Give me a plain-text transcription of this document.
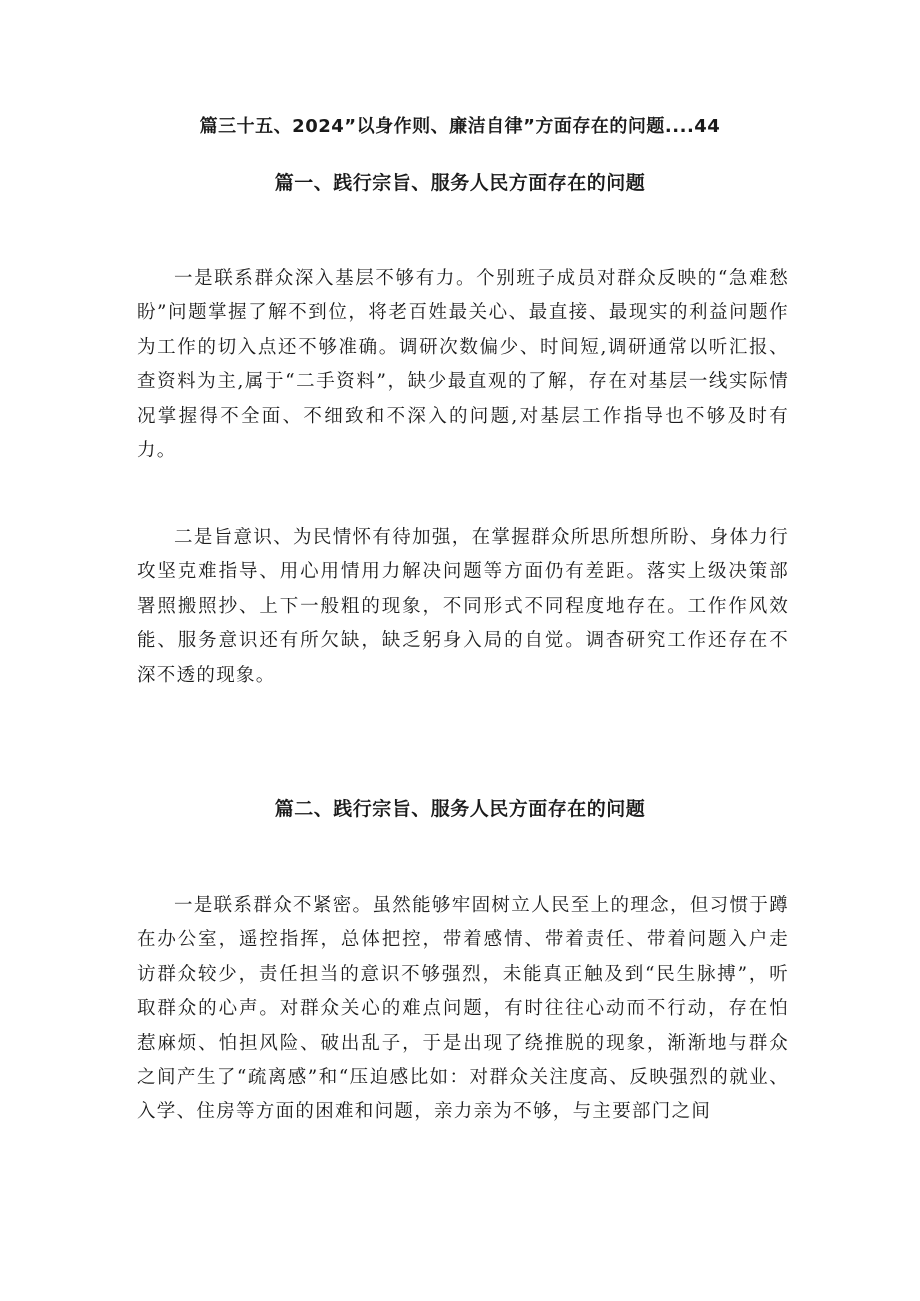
篇三十五、2024”以身作则、廉洁自律”方面存在的问题....44
篇一、践行宗旨、服务人民方面存在的问题

一是联系群众深入基层不够有力。个别班子成员对群众反映的“急难愁盼”问题掌握了解不到位，将老百姓最关心、最直接、最现实的利益问题作为工作的切入点还不够准确。调研次数偏少、时间短,调研通常以听汇报、查资料为主,属于“二手资料”，缺少最直观的了解，存在对基层一线实际情况掌握得不全面、不细致和不深入的问题,对基层工作指导也不够及时有力。

二是旨意识、为民情怀有待加强，在掌握群众所思所想所盼、身体力行攻坚克难指导、用心用情用力解决问题等方面仍有差距。落实上级决策部署照搬照抄、上下一般粗的现象，不同形式不同程度地存在。工作作风效能、服务意识还有所欠缺，缺乏躬身入局的自觉。调杳研究工作还存在不深不透的现象。

篇二、践行宗旨、服务人民方面存在的问题

一是联系群众不紧密。虽然能够牢固树立人民至上的理念，但习惯于蹲在办公室，遥控指挥，总体把控，带着感情、带着责任、带着问题入户走访群众较少，责任担当的意识不够强烈，未能真正触及到“民生脉搏”，听取群众的心声。对群众关心的难点问题，有时往往心动而不行动，存在怕惹麻烦、怕担风险、破出乱子，于是出现了绕推脱的现象，渐渐地与群众之间产生了“疏离感”和“压迫感比如：对群众关注度高、反映强烈的就业、入学、住房等方面的困难和问题，亲力亲为不够，与主要部门之间
